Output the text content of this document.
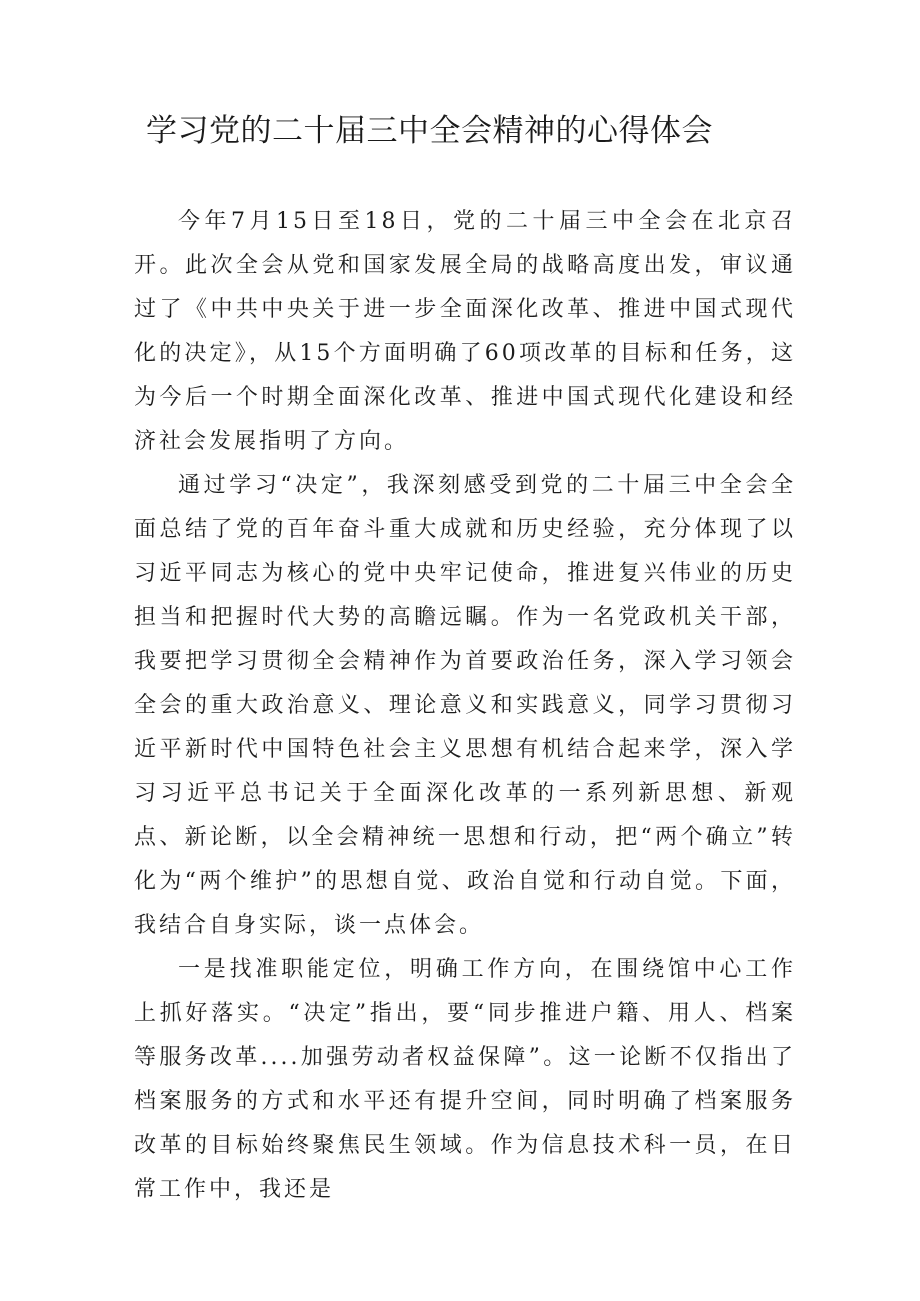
学习党的二十届三中全会精神的心得体会

今年7月15日至18日，党的二十届三中全会在北京召开。此次全会从党和国家发展全局的战略高度出发，审议通过了《中共中央关于进一步全面深化改革、推进中国式现代化的决定》，从15个方面明确了60项改革的目标和任务，这为今后一个时期全面深化改革、推进中国式现代化建设和经济社会发展指明了方向。

通过学习“决定”，我深刻感受到党的二十届三中全会全面总结了党的百年奋斗重大成就和历史经验，充分体现了以习近平同志为核心的党中央牢记使命，推进复兴伟业的历史担当和把握时代大势的高瞻远瞩。作为一名党政机关干部，我要把学习贯彻全会精神作为首要政治任务，深入学习领会全会的重大政治意义、理论意义和实践意义，同学习贯彻习近平新时代中国特色社会主义思想有机结合起来学，深入学习习近平总书记关于全面深化改革的一系列新思想、新观点、新论断，以全会精神统一思想和行动，把“两个确立”转化为“两个维护”的思想自觉、政治自觉和行动自觉。下面，我结合自身实际，谈一点体会。

一是找准职能定位，明确工作方向，在围绕馆中心工作上抓好落实。“决定”指出，要“同步推进户籍、用人、档案等服务改革....加强劳动者权益保障”。这一论断不仅指出了档案服务的方式和水平还有提升空间，同时明确了档案服务改革的目标始终聚焦民生领域。作为信息技术科一员，在日常工作中，我还是
